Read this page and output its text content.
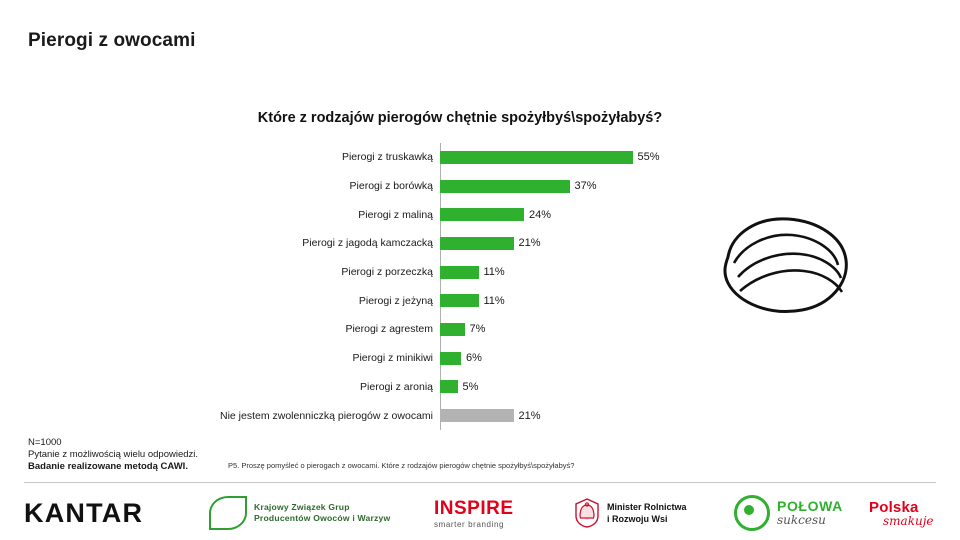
Pierogi z owocami
Które z rodzajów pierogów chętnie spożyłbyś\spożyłabyś?
Pierogi z truskawką	55%
Pierogi z borówką	37%
Pierogi z maliną	24%
Pierogi z jagodą kamczacką	21%
Pierogi z porzeczką	11%
Pierogi z jeżyną	11%
Pierogi z agrestem	7%
Pierogi z minikiwi	6%
Pierogi z aronią	5%
Nie jestem zwolenniczką pierogów z owocami	21%
N=1000
Pytanie z możliwością wielu odpowiedzi.
Badanie realizowane metodą CAWI.	P5. Proszę pomyśleć o pierogach z owocami. Które z rodzajów pierogów chętnie spożyłbyś\spożyłabyś?
KANTAR	Krajowy Związek Grup
Producentów Owoców i Warzyw INSPIRE
smarter branding
Minister Rolnictwa
i Rozwoju Wsi
POŁOWA
sukcesu
Polska
smakuje
